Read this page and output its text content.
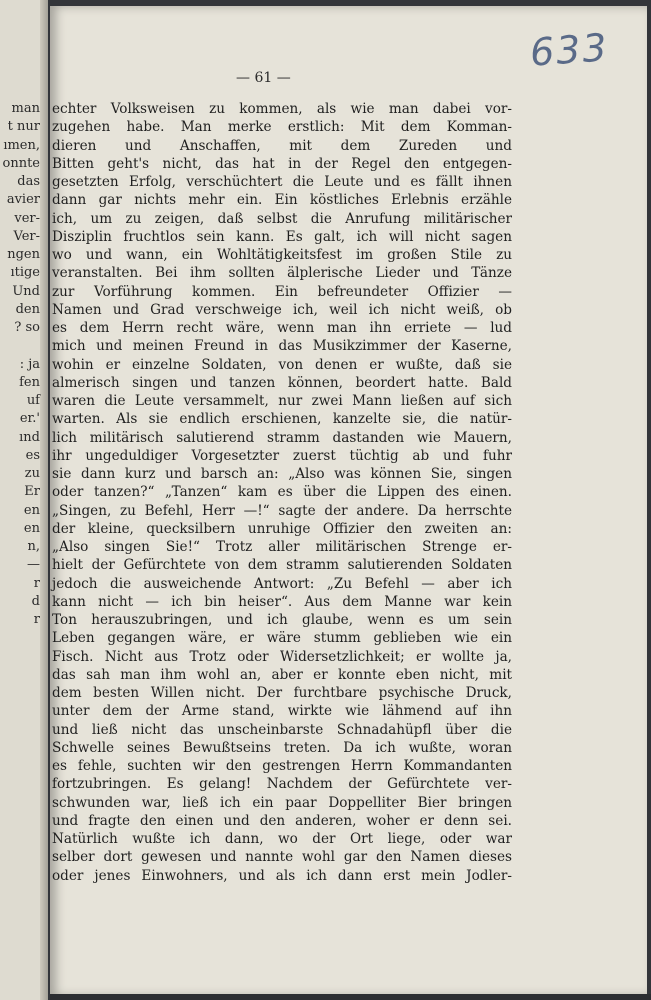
man
t nur
ımen,
onnte
das
avier
ver-
Ver-
ngen
ıtige
Und
den
? so
: ja
fen
uf
er.'
ınd
es
zu
Er
en
en
n,
—
r
d
r
— 61 —
633
echter Volksweisen zu kommen, als wie man dabei vor-
zugehen habe. Man merke erstlich: Mit dem Komman-
dieren und Anschaffen, mit dem Zureden und
Bitten geht's nicht, das hat in der Regel den entgegen-
gesetzten Erfolg, verschüchtert die Leute und es fällt ihnen
dann gar nichts mehr ein. Ein köstliches Erlebnis erzähle
ich, um zu zeigen, daß selbst die Anrufung militärischer
Disziplin fruchtlos sein kann. Es galt, ich will nicht sagen
wo und wann, ein Wohltätigkeitsfest im großen Stile zu
veranstalten. Bei ihm sollten älplerische Lieder und Tänze
zur Vorführung kommen. Ein befreundeter Offizier —
Namen und Grad verschweige ich, weil ich nicht weiß, ob
es dem Herrn recht wäre, wenn man ihn erriete — lud
mich und meinen Freund in das Musikzimmer der Kaserne,
wohin er einzelne Soldaten, von denen er wußte, daß sie
almerisch singen und tanzen können, beordert hatte. Bald
waren die Leute versammelt, nur zwei Mann ließen auf sich
warten. Als sie endlich erschienen, kanzelte sie, die natür-
lich militärisch salutierend stramm dastanden wie Mauern,
ihr ungeduldiger Vorgesetzter zuerst tüchtig ab und fuhr
sie dann kurz und barsch an: „Also was können Sie, singen
oder tanzen?“ „Tanzen“ kam es über die Lippen des einen.
„Singen, zu Befehl, Herr —!“ sagte der andere. Da herrschte
der kleine, quecksilbern unruhige Offizier den zweiten an:
„Also singen Sie!“ Trotz aller militärischen Strenge er-
hielt der Gefürchtete von dem stramm salutierenden Soldaten
jedoch die ausweichende Antwort: „Zu Befehl — aber ich
kann nicht — ich bin heiser“. Aus dem Manne war kein
Ton herauszubringen, und ich glaube, wenn es um sein
Leben gegangen wäre, er wäre stumm geblieben wie ein
Fisch. Nicht aus Trotz oder Widersetzlichkeit; er wollte ja,
das sah man ihm wohl an, aber er konnte eben nicht, mit
dem besten Willen nicht. Der furchtbare psychische Druck,
unter dem der Arme stand, wirkte wie lähmend auf ihn
und ließ nicht das unscheinbarste Schnadahüpfl über die
Schwelle seines Bewußtseins treten. Da ich wußte, woran
es fehle, suchten wir den gestrengen Herrn Kommandanten
fortzubringen. Es gelang! Nachdem der Gefürchtete ver-
schwunden war, ließ ich ein paar Doppelliter Bier bringen
und fragte den einen und den anderen, woher er denn sei.
Natürlich wußte ich dann, wo der Ort liege, oder war
selber dort gewesen und nannte wohl gar den Namen dieses
oder jenes Einwohners, und als ich dann erst mein Jodler-
